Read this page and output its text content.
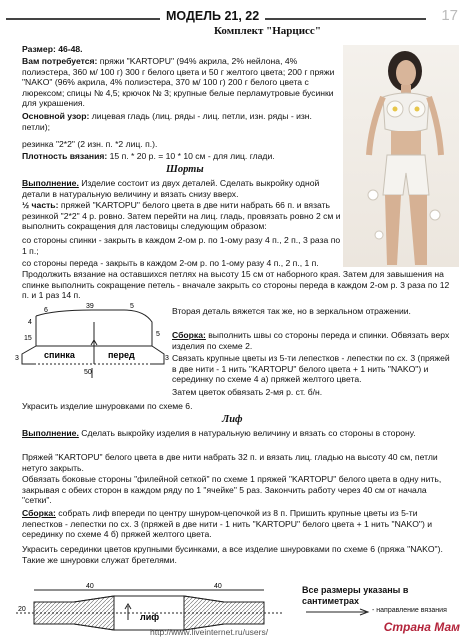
МОДЕЛЬ 21, 22
Комплект "Нарцисс"
17
Размер: 46-48.
Вам потребуется: пряжи "KARTOPU" (94% акрила, 2% нейлона, 4% полиэстера, 360 м/ 100 г) 300 г белого цвета и 50 г желтого цвета; 200 г пряжи "NAKO" (96% акрила, 4% полиэстера, 370 м/ 100 г) 200 г белого цвета с люрексом; спицы № 4,5; крючок № 3; крупные белые перламутровые бусинки для украшения.
Основной узор: лицевая гладь (лиц. ряды - лиц. петли, изн. ряды - изн. петли);
резинка "2*2" (2 изн. п. *2 лиц. п.).
Плотность вязания: 15 п. * 20 р. = 10 * 10 см - для лиц. глади.
Шорты
Выполнение. Изделие состоит из двух деталей. Сделать выкройку одной детали в натуральную величину и вязать снизу вверх.
½ часть: пряжей "KARTOPU" белого цвета в две нити набрать 66 п. и вязать резинкой "2*2" 4 р. ровно. Затем перейти на лиц. гладь, провязать ровно 2 см и выполнить сокращения для ластовицы следующим образом:
со стороны спинки - закрыть в каждом 2-ом р. по 1-ому разу 4 п., 2 п., 3 раза по 1 п.;
со стороны переда - закрыть в каждом 2-ом р. по 1-ому разу 4 п., 2 п., 1 п.
Продолжить вязание на оставшихся петлях на высоту 15 см от наборного края. Затем для завышения на спинке выполнить сокращение петель - вначале закрыть со стороны переда в каждом 2-ом р. 3 раза по 12 п. и 1 раз 14 п.
спинка	перед
6
39	5
4
15
3
5
50
3
Вторая деталь вяжется так же, но в зеркальном отражении.
Сборка: выполнить швы со стороны переда и спинки. Обвязать верх изделия по схеме 2.
Связать крупные цветы из 5-ти лепестков - лепестки по сх. 3 (пряжей в две нити - 1 нить "KARTOPU" белого цвета + 1 нить "NAKO") и серединку по схеме 4 а) пряжей желтого цвета.
Затем цветок обвязать 2-мя р. ст. б/н.
Украсить изделие шнуровками по схеме 6.
Лиф
Выполнение. Сделать выкройку изделия в натуральную величину и вязать со стороны в сторону.
Пряжей "KARTOPU" белого цвета в две нити набрать 32 п. и вязать лиц. гладью на высоту 40 см, петли нетуго закрыть.
Обвязать боковые стороны "филейной сеткой" по схеме 1 пряжей "KARTOPU" белого цвета в одну нить, закрывая с обеих сторон в каждом ряду по 1 "ячейке" 5 раз. Закончить работу через 40 см от начала "сетки".
Сборка: собрать лиф впереди по центру шнуром-цепочкой из 8 п. Пришить крупные цветы из 5-ти лепестков - лепестки по сх. 3 (пряжей в две нити - 1 нить "KARTOPU" белого цвета + 1 нить "NAKO") и серединку по схеме 4 б) пряжей желтого цвета.
Украсить серединки цветов крупными бусинками, а все изделие шнуровками по схеме 6 (пряжа "NAKO"). Такие же шнуровки служат бретелями.
40	40
20
лиф
Все размеры указаны в сантиметрах
- направление вязания
http://www.liveinternet.ru/users/	Страна Мам
